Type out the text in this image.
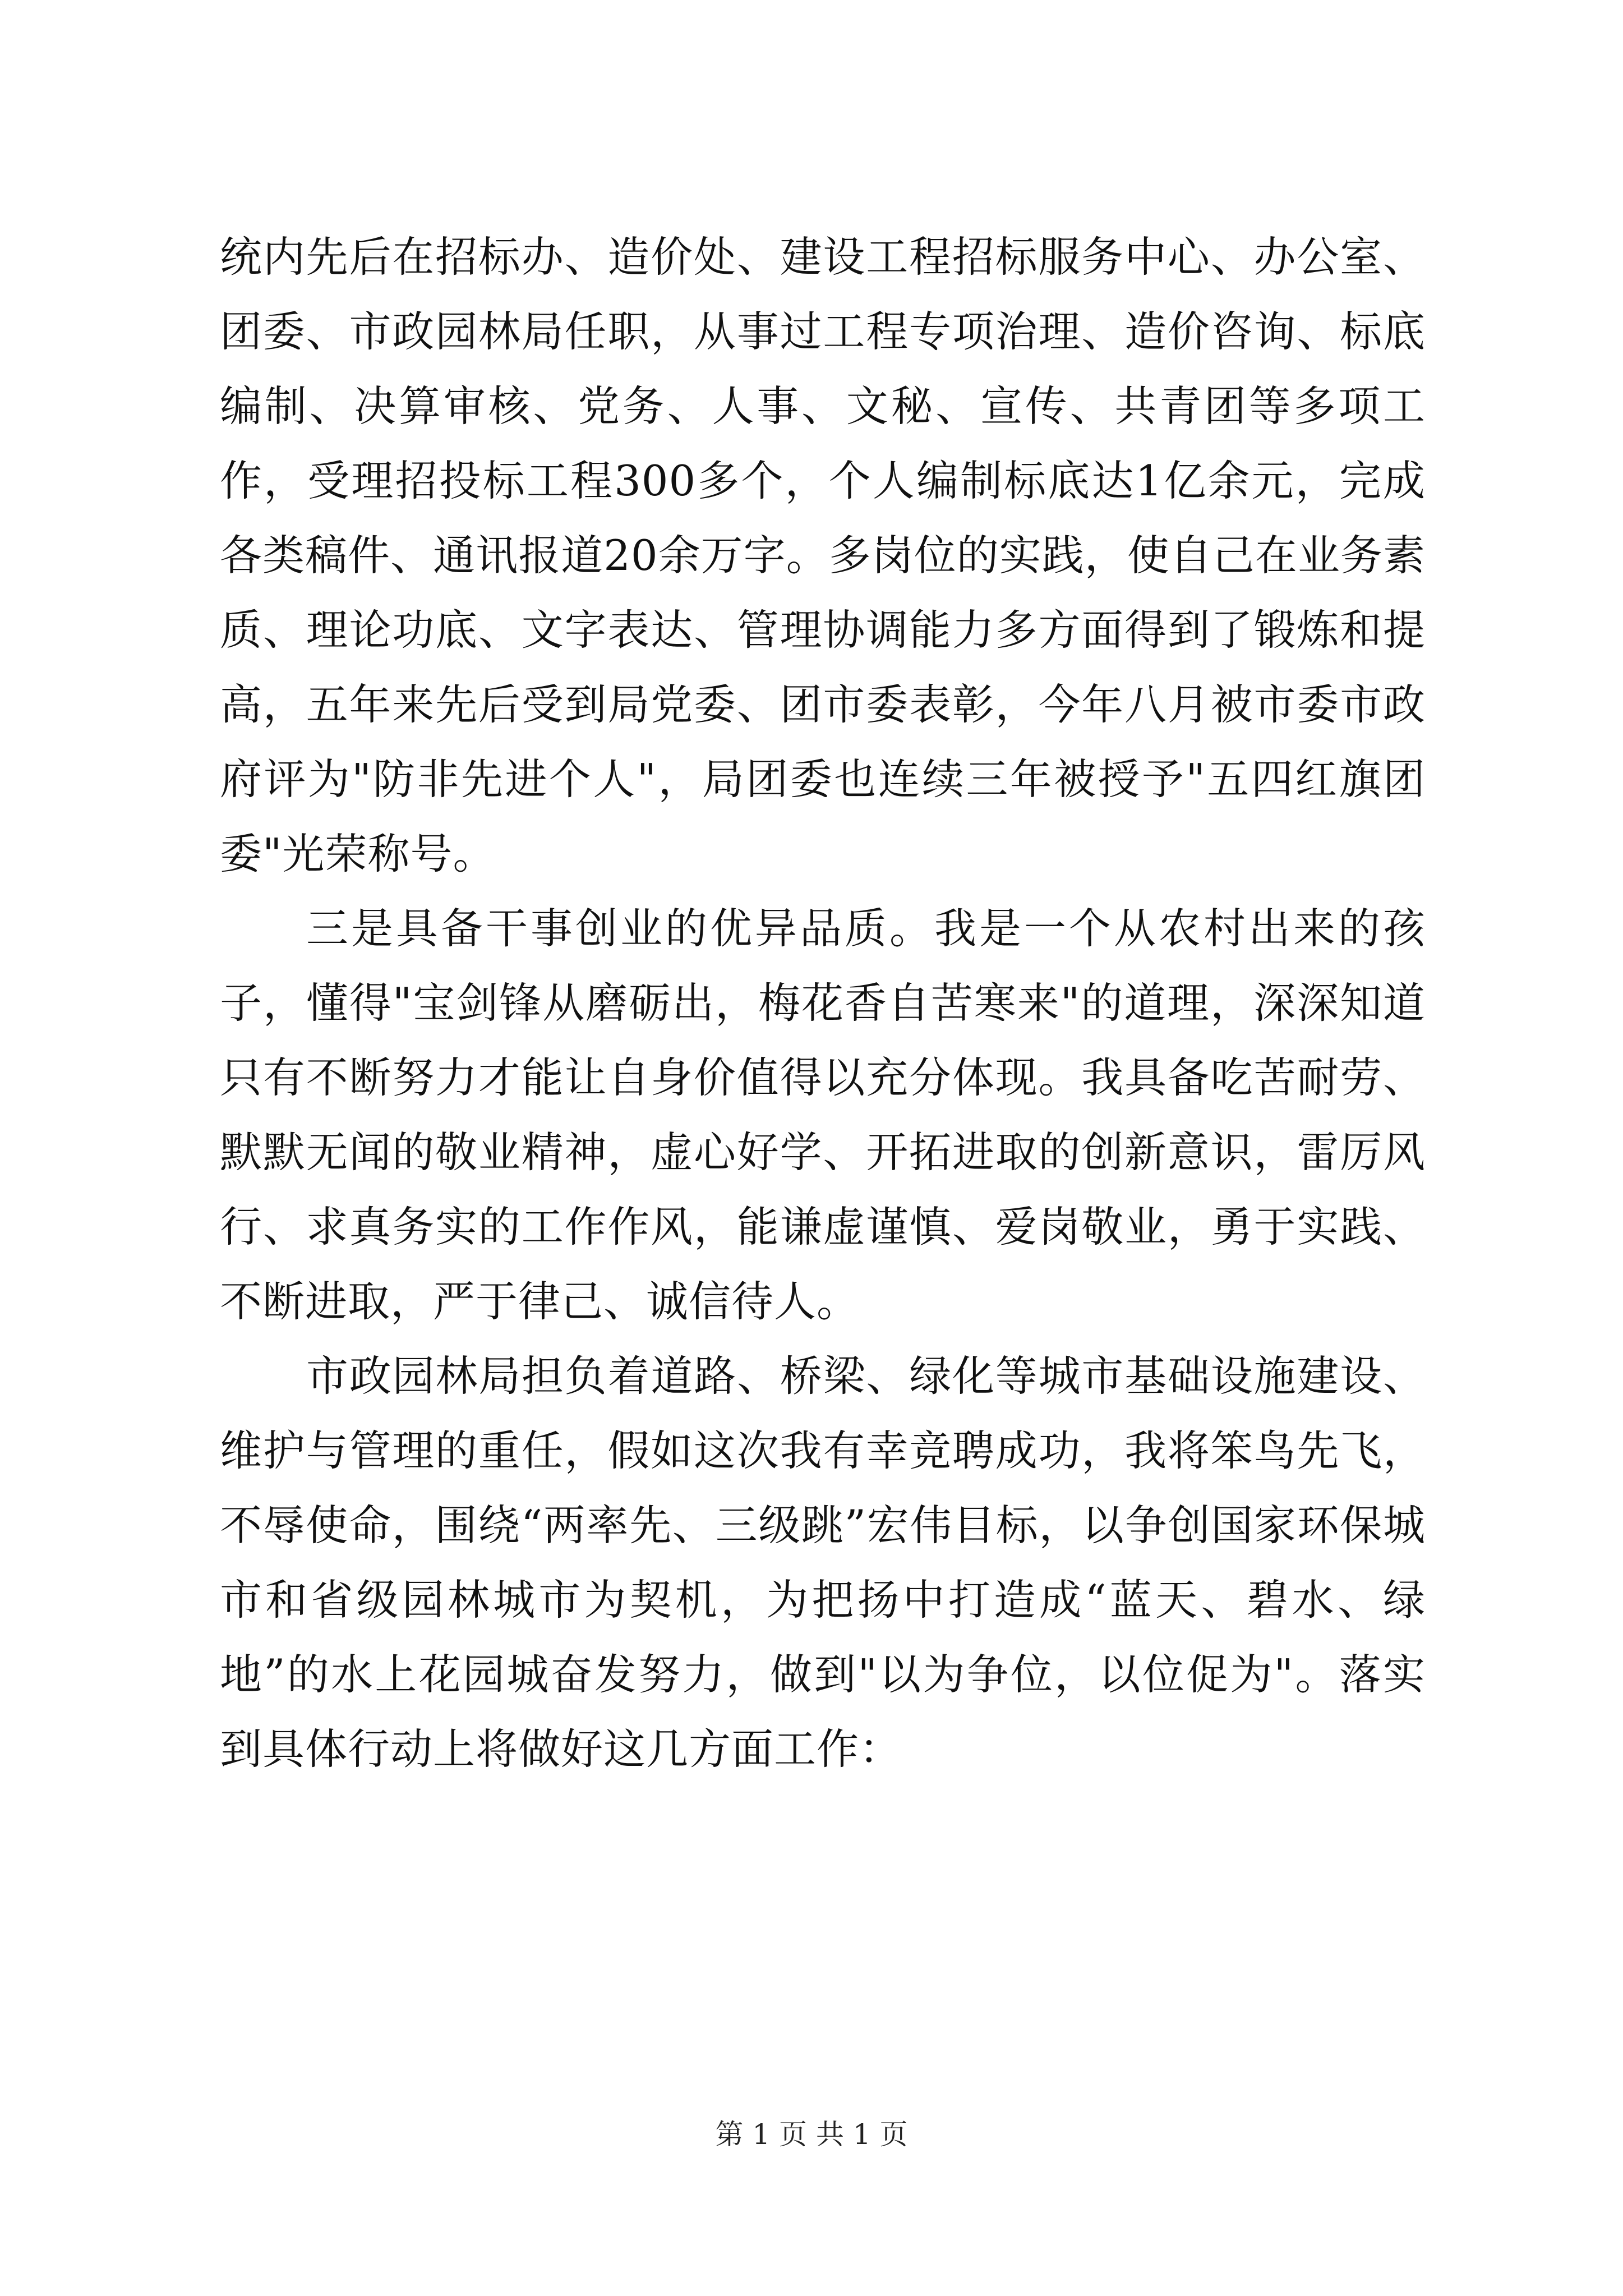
统内先后在招标办、造价处、建设工程招标服务中心、办公室、团委、市政园林局任职，从事过工程专项治理、造价咨询、标底编制、决算审核、党务、人事、文秘、宣传、共青团等多项工作，受理招投标工程300多个，个人编制标底达1亿余元，完成各类稿件、通讯报道20余万字。多岗位的实践，使自己在业务素质、理论功底、文字表达、管理协调能力多方面得到了锻炼和提高，五年来先后受到局党委、团市委表彰，今年八月被市委市政府评为"防非先进个人"，局团委也连续三年被授予"五四红旗团委"光荣称号。

三是具备干事创业的优异品质。我是一个从农村出来的孩子，懂得"宝剑锋从磨砺出，梅花香自苦寒来"的道理，深深知道只有不断努力才能让自身价值得以充分体现。我具备吃苦耐劳、默默无闻的敬业精神，虚心好学、开拓进取的创新意识，雷厉风行、求真务实的工作作风，能谦虚谨慎、爱岗敬业，勇于实践、不断进取，严于律己、诚信待人。

市政园林局担负着道路、桥梁、绿化等城市基础设施建设、维护与管理的重任，假如这次我有幸竞聘成功，我将笨鸟先飞，不辱使命，围绕“两率先、三级跳”宏伟目标，以争创国家环保城市和省级园林城市为契机，为把扬中打造成“蓝天、碧水、绿地”的水上花园城奋发努力，做到"以为争位，以位促为"。落实到具体行动上将做好这几方面工作：

第 1 页 共 1 页
